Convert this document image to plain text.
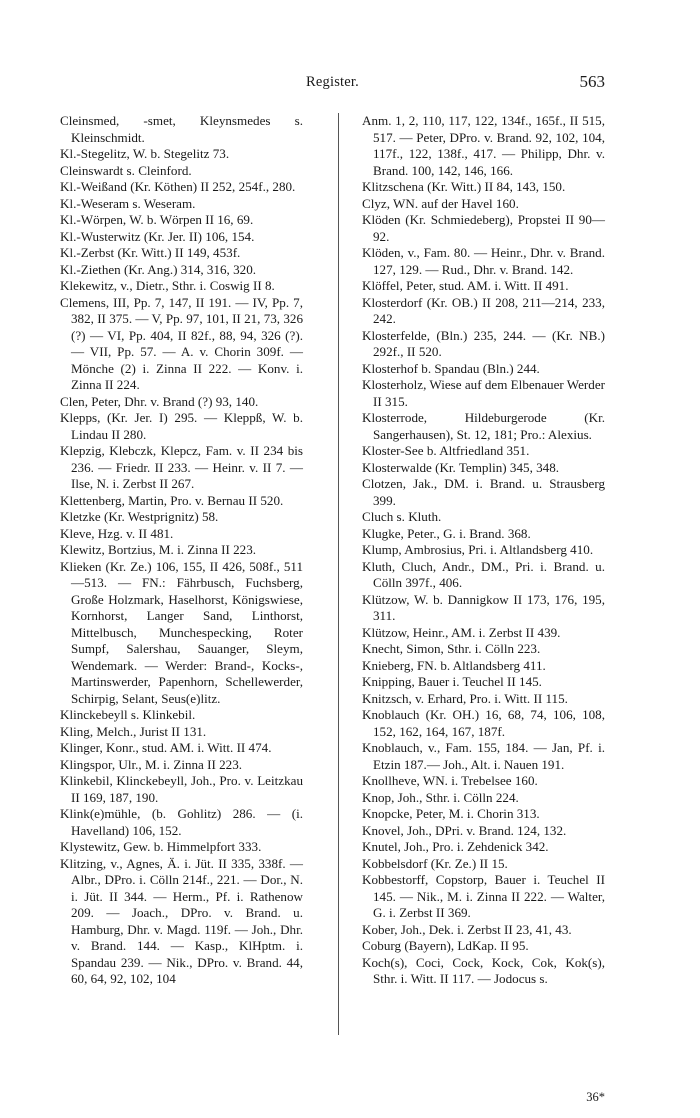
Register.	563

Cleinsmed, -smet, Kleynsmedes s. Kleinschmidt.

Kl.-Stegelitz, W. b. Stegelitz 73.

Cleinswardt s. Cleinford.

Kl.-Weißand (Kr. Köthen) II 252, 254f., 280.

Kl.-Weseram s. Weseram.

Kl.-Wörpen, W. b. Wörpen II 16, 69.

Kl.-Wusterwitz (Kr. Jer. II) 106, 154.

Kl.-Zerbst (Kr. Witt.) II 149, 453f.

Kl.-Ziethen (Kr. Ang.) 314, 316, 320.

Klekewitz, v., Dietr., Sthr. i. Coswig II 8.

Clemens, III, Pp. 7, 147, II 191. — IV, Pp. 7, 382, II 375. — V, Pp. 97, 101, II 21, 73, 326 (?) — VI, Pp. 404, II 82f., 88, 94, 326 (?). — VII, Pp. 57. — A. v. Chorin 309f. — Mönche (2) i. Zinna II 222. — Konv. i. Zinna II 224.

Clen, Peter, Dhr. v. Brand (?) 93, 140.

Klepps, (Kr. Jer. I) 295. — Kleppß, W. b. Lindau II 280.

Klepzig, Klebczk, Klepcz, Fam. v. II 234 bis 236. — Friedr. II 233. — Heinr. v. II 7. — Ilse, N. i. Zerbst II 267.

Klettenberg, Martin, Pro. v. Bernau II 520.

Kletzke (Kr. Westprignitz) 58.

Kleve, Hzg. v. II 481.

Klewitz, Bortzius, M. i. Zinna II 223.

Klieken (Kr. Ze.) 106, 155, II 426, 508f., 511—513. — FN.: Fährbusch, Fuchsberg, Große Holzmark, Haselhorst, Königswiese, Kornhorst, Langer Sand, Linthorst, Mittelbusch, Munchespecking, Roter Sumpf, Salershau, Sauanger, Sleym, Wendemark. — Werder: Brand-, Kocks-, Martinswerder, Papenhorn, Schellewerder, Schirpig, Selant, Seus(e)litz.

Klinckebeyll s. Klinkebil.

Kling, Melch., Jurist II 131.

Klinger, Konr., stud. AM. i. Witt. II 474.

Klingspor, Ulr., M. i. Zinna II 223.

Klinkebil, Klinckebeyll, Joh., Pro. v. Leitzkau II 169, 187, 190.

Klink(e)mühle, (b. Gohlitz) 286. — (i. Havelland) 106, 152.

Klystewitz, Gew. b. Himmelpfort 333.

Klitzing, v., Agnes, Ä. i. Jüt. II 335, 338f. — Albr., DPro. i. Cölln 214f., 221. — Dor., N. i. Jüt. II 344. — Herm., Pf. i. Rathenow 209. — Joach., DPro. v. Brand. u. Hamburg, Dhr. v. Magd. 119f. — Joh., Dhr. v. Brand. 144. — Kasp., KlHptm. i. Spandau 239. — Nik., DPro. v. Brand. 44, 60, 64, 92, 102, 104

Anm. 1, 2, 110, 117, 122, 134f., 165f., II 515, 517. — Peter, DPro. v. Brand. 92, 102, 104, 117f., 122, 138f., 417. — Philipp, Dhr. v. Brand. 100, 142, 146, 166.

Klitzschena (Kr. Witt.) II 84, 143, 150.

Clyz, WN. auf der Havel 160.

Klöden (Kr. Schmiedeberg), Propstei II 90—92.

Klöden, v., Fam. 80. — Heinr., Dhr. v. Brand. 127, 129. — Rud., Dhr. v. Brand. 142.

Klöffel, Peter, stud. AM. i. Witt. II 491.

Klosterdorf (Kr. OB.) II 208, 211—214, 233, 242.

Klosterfelde, (Bln.) 235, 244. — (Kr. NB.) 292f., II 520.

Klosterhof b. Spandau (Bln.) 244.

Klosterholz, Wiese auf dem Elbenauer Werder II 315.

Klosterrode, Hildeburgerode (Kr. Sangerhausen), St. 12, 181; Pro.: Alexius.

Kloster-See b. Altfriedland 351.

Klosterwalde (Kr. Templin) 345, 348.

Clotzen, Jak., DM. i. Brand. u. Strausberg 399.

Cluch s. Kluth.

Klugke, Peter., G. i. Brand. 368.

Klump, Ambrosius, Pri. i. Altlandsberg 410.

Kluth, Cluch, Andr., DM., Pri. i. Brand. u. Cölln 397f., 406.

Klützow, W. b. Dannigkow II 173, 176, 195, 311.

Klützow, Heinr., AM. i. Zerbst II 439.

Knecht, Simon, Sthr. i. Cölln 223.

Knieberg, FN. b. Altlandsberg 411.

Knipping, Bauer i. Teuchel II 145.

Knitzsch, v. Erhard, Pro. i. Witt. II 115.

Knoblauch (Kr. OH.) 16, 68, 74, 106, 108, 152, 162, 164, 167, 187f.

Knoblauch, v., Fam. 155, 184. — Jan, Pf. i. Etzin 187.— Joh., Alt. i. Nauen 191.

Knollheve, WN. i. Trebelsee 160.

Knop, Joh., Sthr. i. Cölln 224.

Knopcke, Peter, M. i. Chorin 313.

Knovel, Joh., DPri. v. Brand. 124, 132.

Knutel, Joh., Pro. i. Zehdenick 342.

Kobbelsdorf (Kr. Ze.) II 15.

Kobbestorff, Copstorp, Bauer i. Teuchel II 145. — Nik., M. i. Zinna II 222. — Walter, G. i. Zerbst II 369.

Kober, Joh., Dek. i. Zerbst II 23, 41, 43.

Coburg (Bayern), LdKap. II 95.

Koch(s), Coci, Cock, Kock, Cok, Kok(s), Sthr. i. Witt. II 117. — Jodocus s.

36*
